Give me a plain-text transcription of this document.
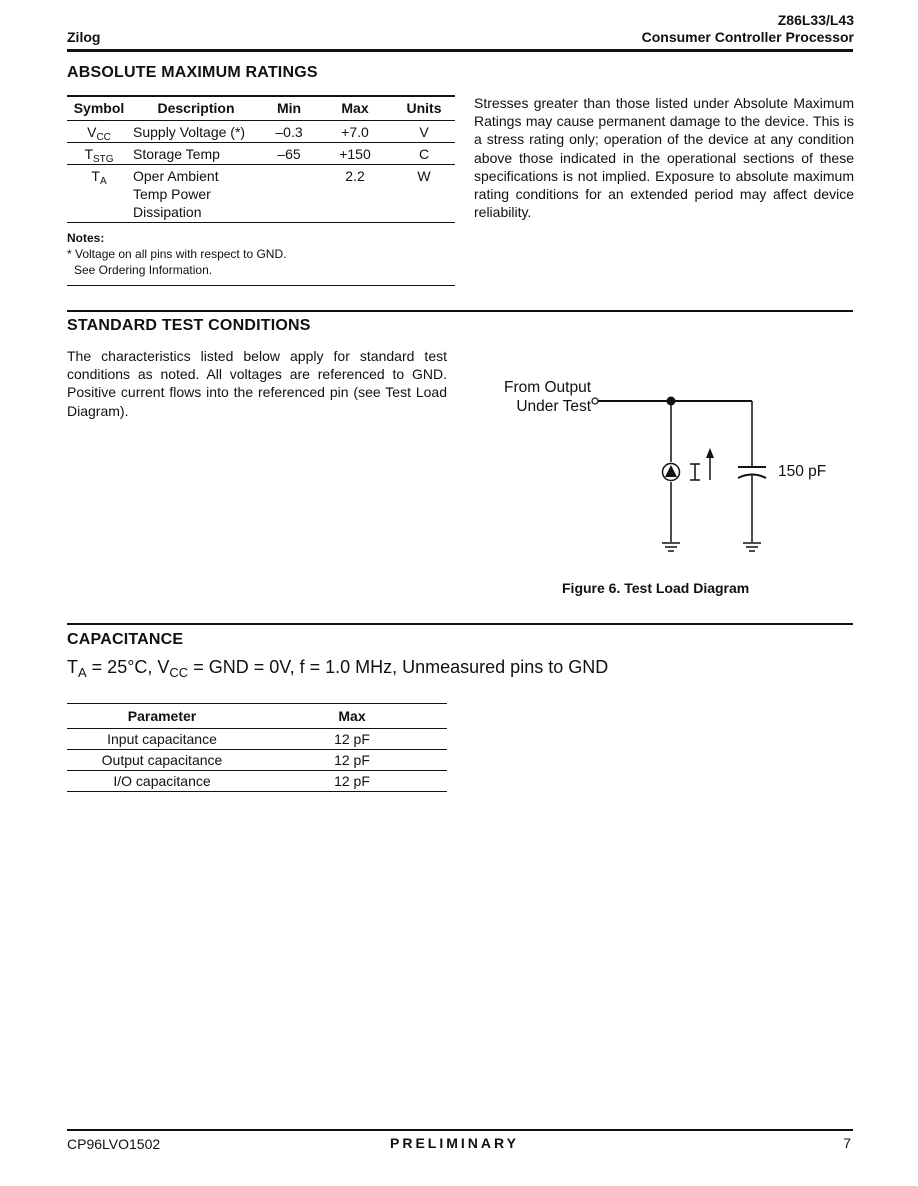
Zilog
Z86L33/L43
Consumer Controller Processor
ABSOLUTE MAXIMUM RATINGS
Symbol	Description	Min	Max	Units
$V_{CC}$	Supply Voltage (*)	–0.3	+7.0	V
$T_{STG}$	Storage Temp	–65	+150	C
$T_A$	Oper Ambient Temp Power Dissipation		2.2	W
Notes:
* Voltage on all pins with respect to GND.
See Ordering Information.
Stresses greater than those listed under Absolute Maximum Ratings may cause permanent damage to the device. This is a stress rating only; operation of the device at any condition above those indicated in the operational sections of these specifications is not implied. Exposure to absolute maximum rating conditions for an extended period may affect device reliability.
STANDARD TEST CONDITIONS
The characteristics listed below apply for standard test conditions as noted. All voltages are referenced to GND. Positive current flows into the referenced pin (see Test Load Diagram).
From Output
Under Test
150 pF
Figure 6. Test Load Diagram
CAPACITANCE
$T_A = 25^\circ C$, $V_{CC}$ = GND = 0V, f = 1.0 MHz, Unmeasured pins to GND
Parameter	Max
Input capacitance	12 pF
Output capacitance	12 pF
I/O capacitance	12 pF
CP96LVO1502	PRELIMINARY	7
